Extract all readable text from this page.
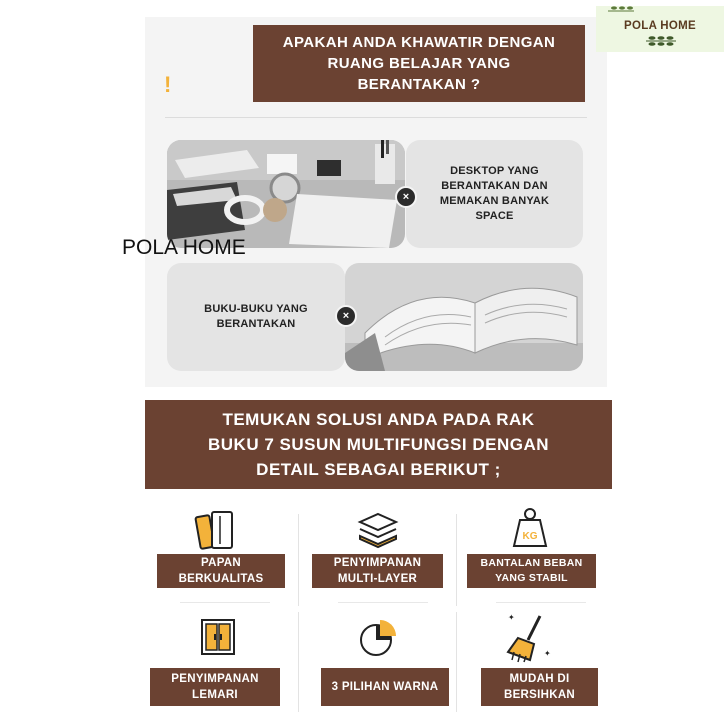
APAKAH ANDA KHAWATIR DENGAN RUANG BELAJAR YANG BERANTAKAN ?
!
DESKTOP YANG BERANTAKAN DAN MEMAKAN BANYAK SPACE
×
BUKU-BUKU YANG BERANTAKAN
×
POLA HOME
POLA HOME
TEMUKAN SOLUSI ANDA PADA RAK BUKU 7 SUSUN MULTIFUNGSI DENGAN DETAIL SEBAGAI BERIKUT ;
PAPAN BERKUALITAS
PENYIMPANAN MULTI-LAYER
KG
BANTALAN BEBAN YANG STABIL
PENYIMPANAN LEMARI
3 PILIHAN WARNA
✦
✦
MUDAH DI BERSIHKAN
